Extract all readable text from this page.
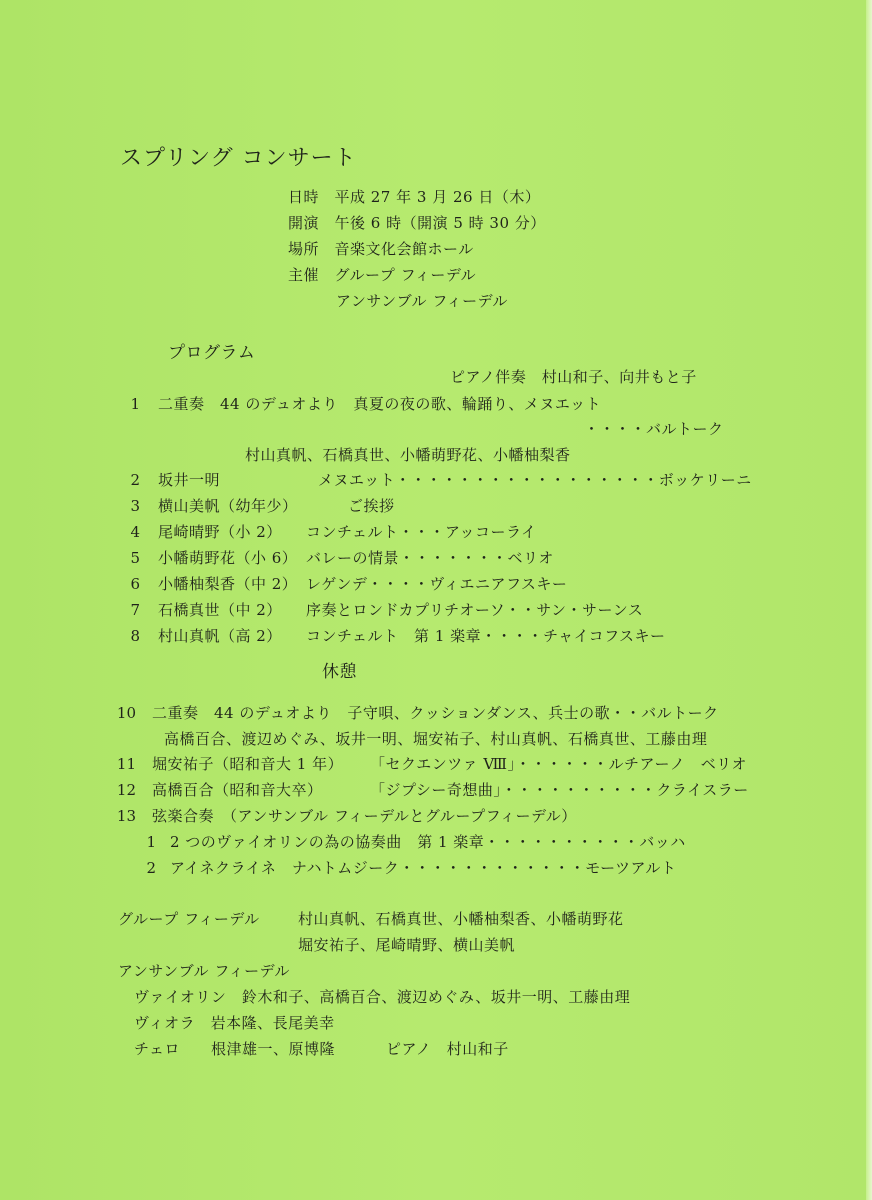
スプリング コンサート
日時　平成 27 年 3 月 26 日（木）
開演　午後 6 時（開演 5 時 30 分）
場所　音楽文化会館ホール
主催　グループ フィーデル
アンサンブル フィーデル
プログラム
ピアノ伴奏　村山和子、向井もと子
1 二重奏　44 のデュオより　真夏の夜の歌、輪踊り、メヌエット
・・・・バルトーク
村山真帆、石橋真世、小幡萌野花、小幡柚梨香
2 坂井一明	メヌエット・・・・・・・・・・・・・・・・・ボッケリーニ
3 横山美帆（幼年少）	ご挨拶
4 尾崎晴野（小 2） コンチェルト・・・アッコーライ
5 小幡萌野花（小 6） バレーの情景・・・・・・・ベリオ
6 小幡柚梨香（中 2） レゲンデ・・・・ヴィエニアフスキー
7 石橋真世（中 2） 序奏とロンドカプリチオーソ・・サン・サーンス
8 村山真帆（高 2） コンチェルト　第 1 楽章・・・・チャイコフスキー
休憩
10 二重奏　44 のデュオより　子守唄、クッションダンス、兵士の歌・・バルトーク
高橋百合、渡辺めぐみ、坂井一明、堀安祐子、村山真帆、石橋真世、工藤由理
11 堀安祐子（昭和音大 1 年） 「セクエンツァ Ⅷ」・・・・・・ルチアーノ　ベリオ
12 高橋百合（昭和音大卒）	「ジプシー奇想曲」・・・・・・・・・・クライスラー
13 弦楽合奏　（アンサンブル フィーデルとグループフィーデル）
1 2 つのヴァイオリンの為の協奏曲　第 1 楽章・・・・・・・・・・バッハ
2 アイネクライネ　ナハトムジーク・・・・・・・・・・・・モーツアルト
グループ フィーデル	村山真帆、石橋真世、小幡柚梨香、小幡萌野花
堀安祐子、尾崎晴野、横山美帆
アンサンブル フィーデル
ヴァイオリン　鈴木和子、高橋百合、渡辺めぐみ、坂井一明、工藤由理
ヴィオラ　岩本隆、長尾美幸
チェロ　　根津雄一、原博隆	ピアノ　村山和子
